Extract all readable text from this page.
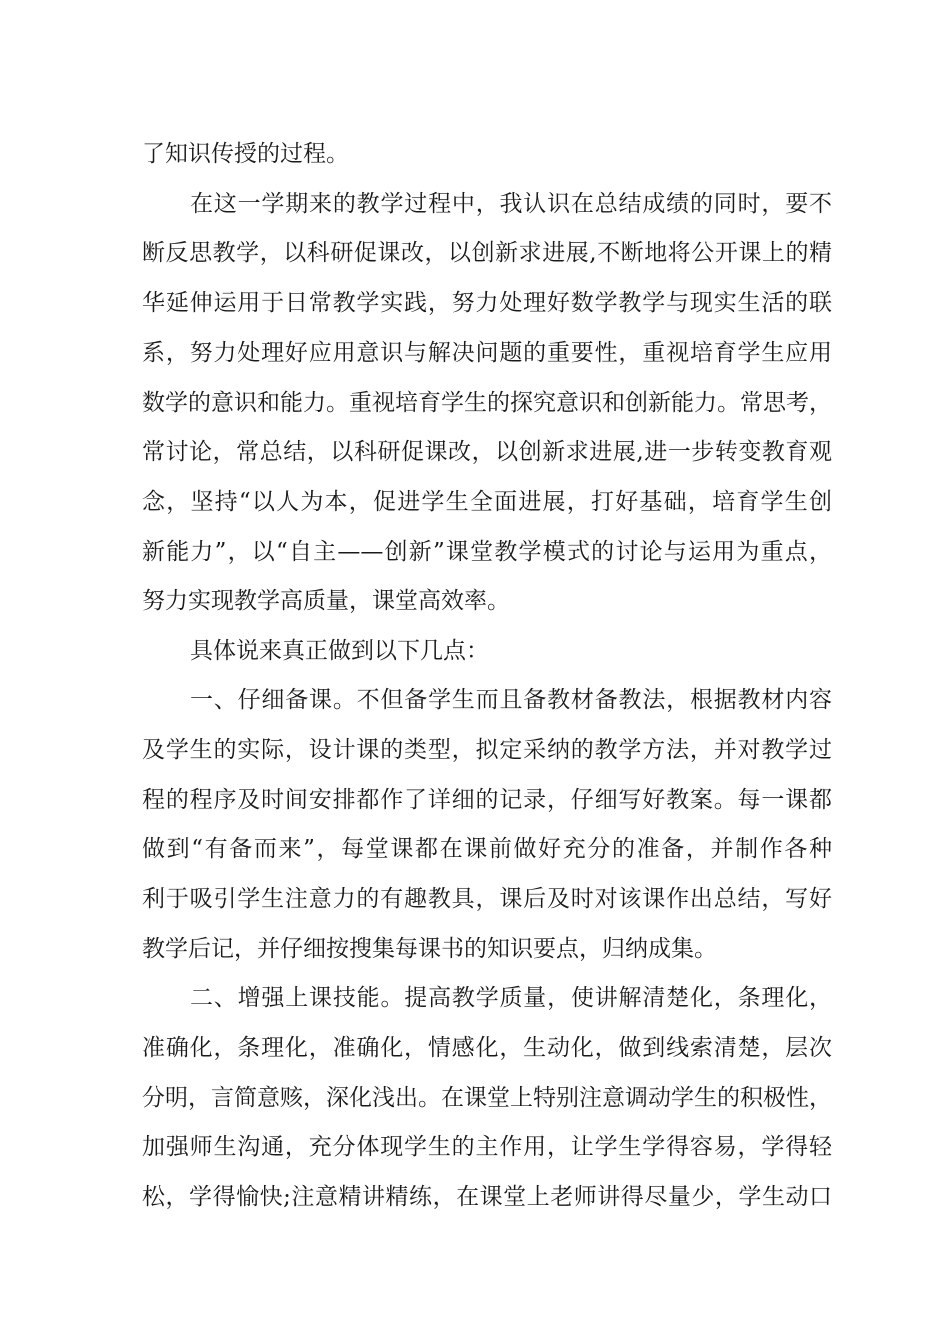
了知识传授的过程。
在这一学期来的教学过程中，我认识在总结成绩的同时，要不
断反思教学，以科研促课改，以创新求进展,不断地将公开课上的精
华延伸运用于日常教学实践，努力处理好数学教学与现实生活的联
系，努力处理好应用意识与解决问题的重要性，重视培育学生应用
数学的意识和能力。重视培育学生的探究意识和创新能力。常思考，
常讨论，常总结，以科研促课改，以创新求进展,进一步转变教育观
念，坚持“以人为本，促进学生全面进展，打好基础，培育学生创
新能力”，以“自主——创新”课堂教学模式的讨论与运用为重点，
努力实现教学高质量，课堂高效率。
具体说来真正做到以下几点：
一、仔细备课。不但备学生而且备教材备教法，根据教材内容
及学生的实际，设计课的类型，拟定采纳的教学方法，并对教学过
程的程序及时间安排都作了详细的记录，仔细写好教案。每一课都
做到“有备而来”，每堂课都在课前做好充分的准备，并制作各种
利于吸引学生注意力的有趣教具，课后及时对该课作出总结，写好
教学后记，并仔细按搜集每课书的知识要点，归纳成集。
二、增强上课技能。提高教学质量，使讲解清楚化，条理化，
准确化，条理化，准确化，情感化，生动化，做到线索清楚，层次
分明，言简意赅，深化浅出。在课堂上特别注意调动学生的积极性，
加强师生沟通，充分体现学生的主作用，让学生学得容易，学得轻
松，学得愉快;注意精讲精练，在课堂上老师讲得尽量少，学生动口
